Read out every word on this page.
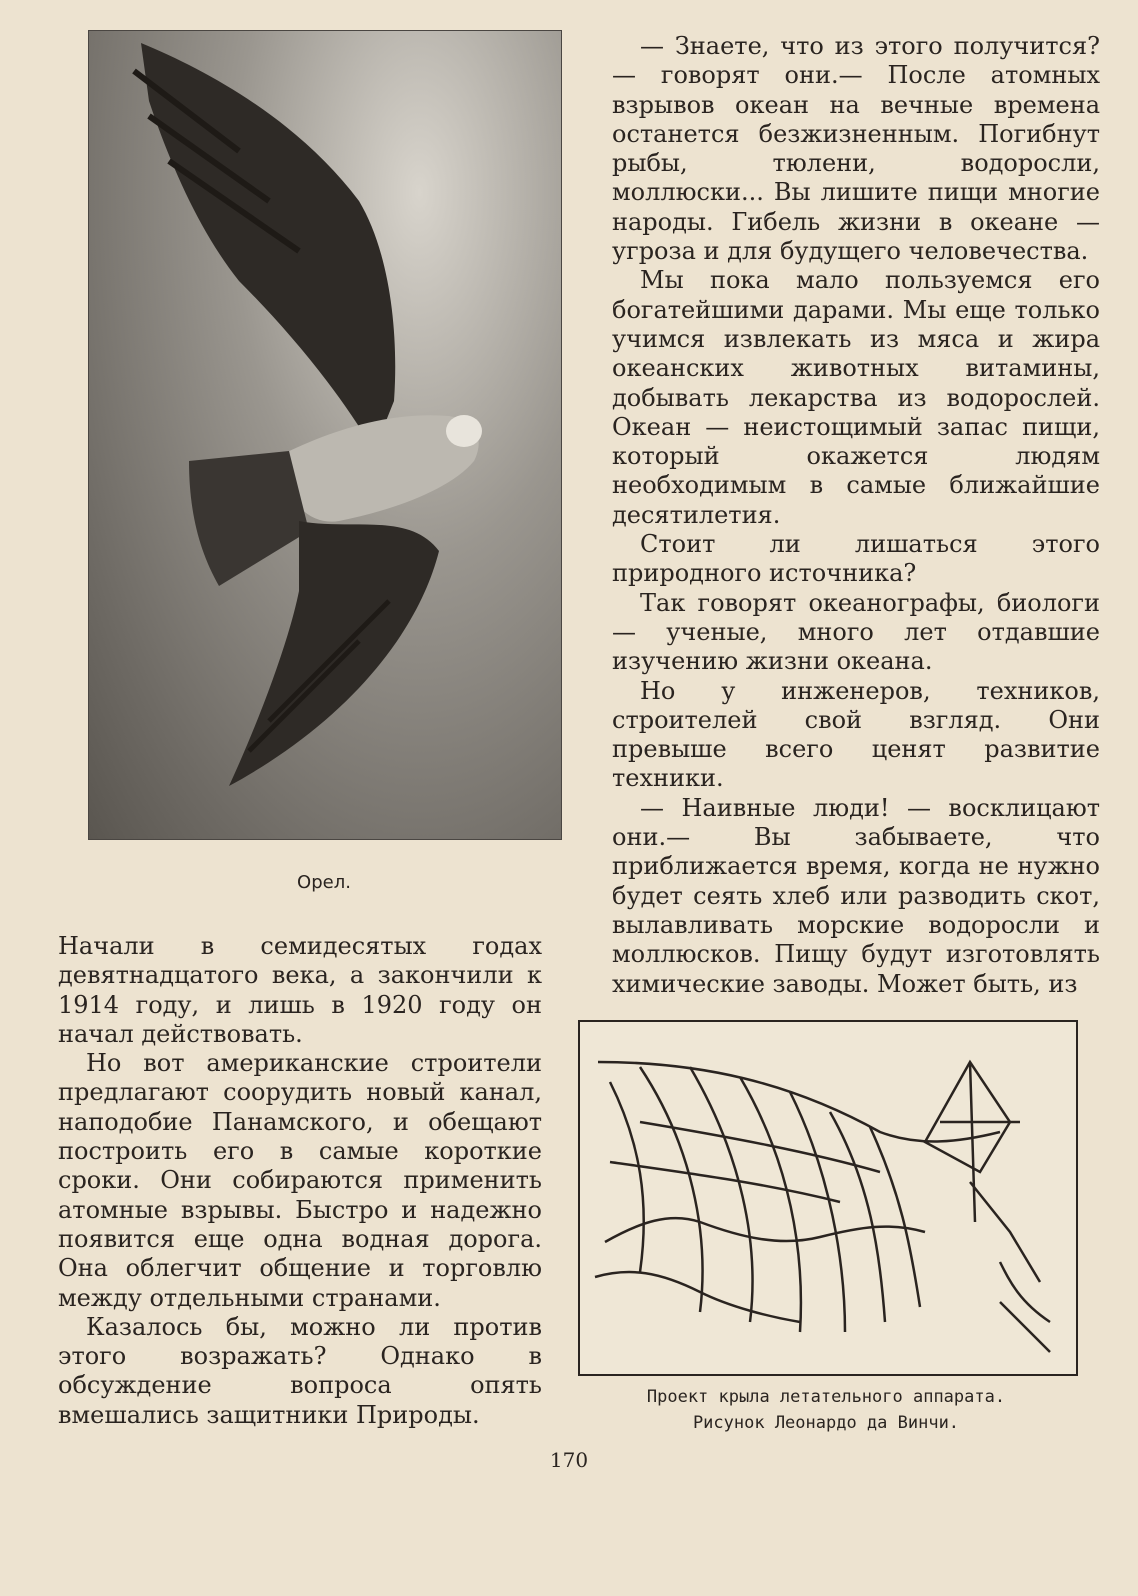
Орел.

— Знаете, что из этого получится? — говорят они.— После атомных взрывов океан на вечные времена останется безжизненным. Погибнут рыбы, тюлени, водоросли, моллюски... Вы лишите пищи многие народы. Гибель жизни в океане — угроза и для будущего человечества.

Мы пока мало пользуемся его богатейшими дарами. Мы еще только учимся извлекать из мяса и жира океанских животных витамины, добывать лекарства из водорослей. Океан — неистощимый запас пищи, который окажется людям необходимым в самые ближайшие десятилетия.

Стоит ли лишаться этого природного источника?

Так говорят океанографы, биологи — ученые, много лет отдавшие изучению жизни океана.

Но у инженеров, техников, строителей свой взгляд. Они превыше всего ценят развитие техники.

— Наивные люди! — восклицают они.— Вы забываете, что приближается время, когда не нужно будет сеять хлеб или разводить скот, вылавливать морские водоросли и моллюсков. Пищу будут изготовлять химические заводы. Может быть, из

Начали в семидесятых годах девятнадцатого века, а закончили к 1914 году, и лишь в 1920 году он начал действовать.

Но вот американские строители предлагают соорудить новый канал, наподобие Панамского, и обещают построить его в самые короткие сроки. Они собираются применить атомные взрывы. Быстро и надежно появится еще одна водная дорога. Она облегчит общение и торговлю между отдельными странами.

Казалось бы, можно ли против этого возражать? Однако в обсуждение вопроса опять вмешались защитники Природы.

Проект крыла летательного аппарата.
Рисунок Леонардо да Винчи.
170
